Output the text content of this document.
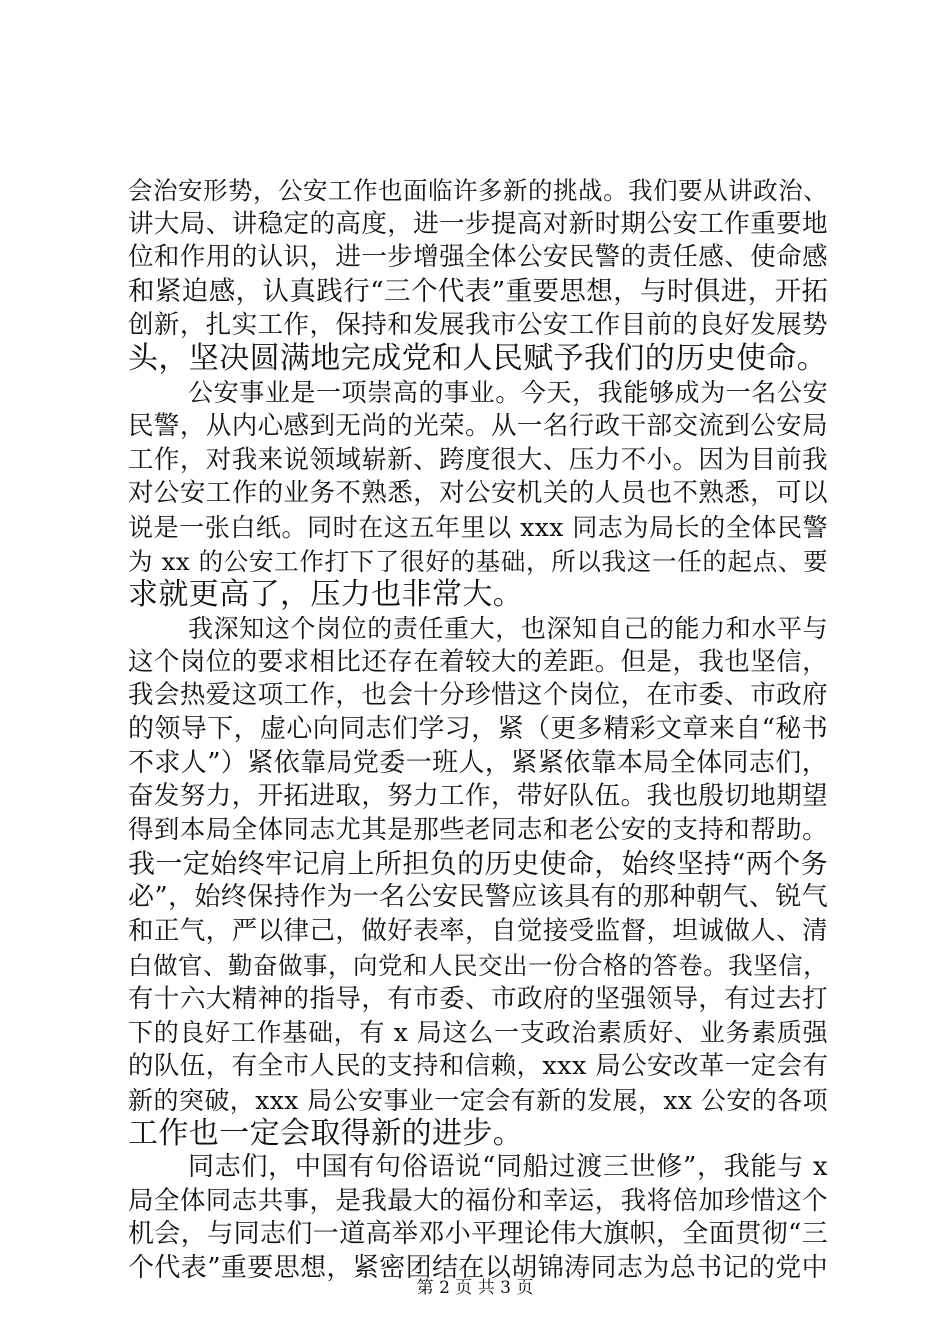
会治安形势，公安工作也面临许多新的挑战。我们要从讲政治、
讲大局、讲稳定的高度，进一步提高对新时期公安工作重要地
位和作用的认识，进一步增强全体公安民警的责任感、使命感
和紧迫感，认真践行“三个代表”重要思想，与时俱进，开拓
创新，扎实工作，保持和发展我市公安工作目前的良好发展势
头，坚决圆满地完成党和人民赋予我们的历史使命。
公安事业是一项崇高的事业。今天，我能够成为一名公安
民警，从内心感到无尚的光荣。从一名行政干部交流到公安局
工作，对我来说领域崭新、跨度很大、压力不小。因为目前我
对公安工作的业务不熟悉，对公安机关的人员也不熟悉，可以
说是一张白纸。同时在这五年里以 xxx 同志为局长的全体民警
为 xx 的公安工作打下了很好的基础，所以我这一任的起点、要
求就更高了，压力也非常大。
我深知这个岗位的责任重大，也深知自己的能力和水平与
这个岗位的要求相比还存在着较大的差距。但是，我也坚信，
我会热爱这项工作，也会十分珍惜这个岗位，在市委、市政府
的领导下，虚心向同志们学习，紧（更多精彩文章来自“秘书
不求人”）紧依靠局党委一班人，紧紧依靠本局全体同志们，
奋发努力，开拓进取，努力工作，带好队伍。我也殷切地期望
得到本局全体同志尤其是那些老同志和老公安的支持和帮助。
我一定始终牢记肩上所担负的历史使命，始终坚持“两个务
必”，始终保持作为一名公安民警应该具有的那种朝气、锐气
和正气，严以律己，做好表率，自觉接受监督，坦诚做人、清
白做官、勤奋做事，向党和人民交出一份合格的答卷。我坚信，
有十六大精神的指导，有市委、市政府的坚强领导，有过去打
下的良好工作基础，有 x 局这么一支政治素质好、业务素质强
的队伍，有全市人民的支持和信赖，xxx 局公安改革一定会有
新的突破，xxx 局公安事业一定会有新的发展，xx 公安的各项
工作也一定会取得新的进步。
同志们，中国有句俗语说“同船过渡三世修”，我能与 x
局全体同志共事，是我最大的福份和幸运，我将倍加珍惜这个
机会，与同志们一道高举邓小平理论伟大旗帜，全面贯彻“三
个代表”重要思想，紧密团结在以胡锦涛同志为总书记的党中
第 2 页 共 3 页
